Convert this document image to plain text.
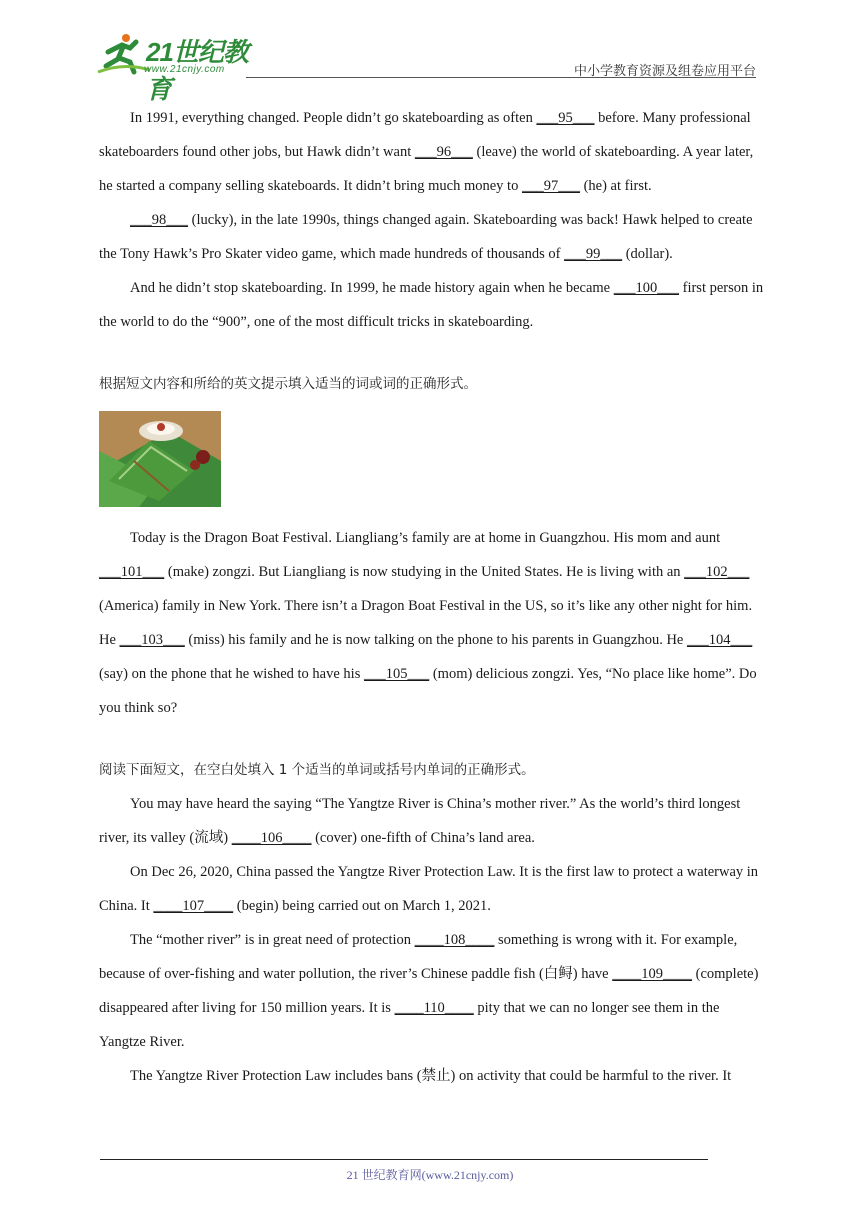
21世纪教育
www.21cnjy.com	中小学教育资源及组卷应用平台

In 1991, everything changed. People didn’t go skateboarding as often ___95___ before. Many professional skateboarders found other jobs, but Hawk didn’t want ___96___ (leave) the world of skateboarding. A year later, he started a company selling skateboards. It didn’t bring much money to ___97___ (he) at first.

___98___ (lucky), in the late 1990s, things changed again. Skateboarding was back! Hawk helped to create the Tony Hawk’s Pro Skater video game, which made hundreds of thousands of ___99___ (dollar).

And he didn’t stop skateboarding. In 1999, he made history again when he became ___100___ first person in the world to do the “900”, one of the most difficult tricks in skateboarding.

根据短文内容和所给的英文提示填入适当的词或词的正确形式。

Today is the Dragon Boat Festival. Liangliang’s family are at home in Guangzhou. His mom and aunt ___101___ (make) zongzi. But Liangliang is now studying in the United States. He is living with an ___102___ (America) family in New York. There isn’t a Dragon Boat Festival in the US, so it’s like any other night for him. He ___103___ (miss) his family and he is now talking on the phone to his parents in Guangzhou. He ___104___ (say) on the phone that he wished to have his ___105___ (mom) delicious zongzi. Yes, “No place like home”. Do you think so?

阅读下面短文，在空白处填入 1 个适当的单词或括号内单词的正确形式。

You may have heard the saying “The Yangtze River is China’s mother river.” As the world’s third longest river, its valley (流域) ____106____ (cover) one-fifth of China’s land area.

On Dec 26, 2020, China passed the Yangtze River Protection Law. It is the first law to protect a waterway in China. It ____107____ (begin) being carried out on March 1, 2021.

The “mother river” is in great need of protection ____108____ something is wrong with it. For example, because of over-fishing and water pollution, the river’s Chinese paddle fish (白鲟) have ____109____ (complete) disappeared after living for 150 million years. It is ____110____ pity that we can no longer see them in the Yangtze River.

The Yangtze River Protection Law includes bans (禁止) on activity that could be harmful to the river. It

21 世纪教育网(www.21cnjy.com)
